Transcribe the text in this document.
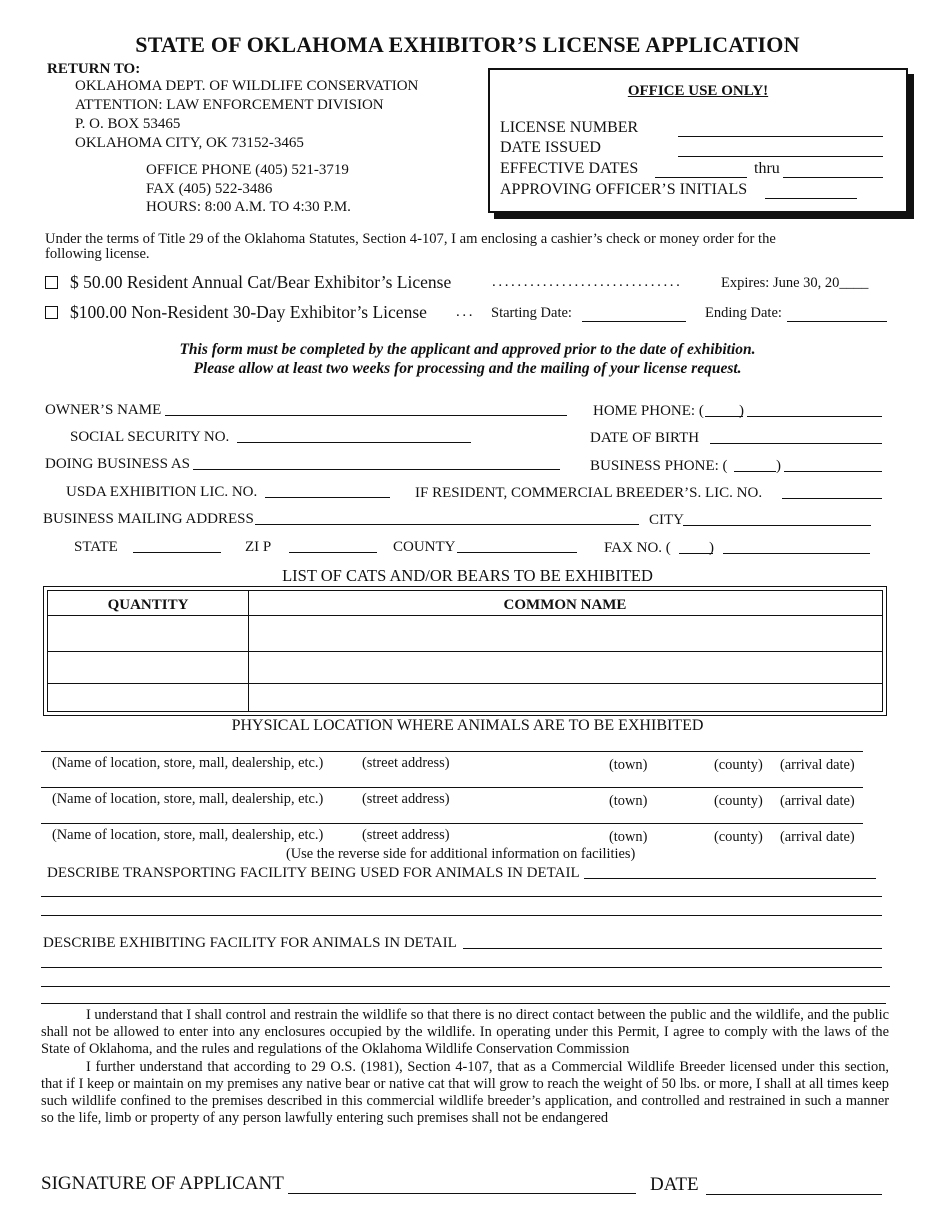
STATE OF OKLAHOMA EXHIBITOR’S LICENSE APPLICATION
RETURN TO:
OKLAHOMA DEPT. OF WILDLIFE CONSERVATION
ATTENTION: LAW ENFORCEMENT DIVISION
P. O. BOX 53465
OKLAHOMA CITY, OK 73152-3465
OFFICE PHONE (405) 521-3719
FAX (405) 522-3486
HOURS: 8:00 A.M. TO 4:30 P.M.
OFFICE USE ONLY!
LICENSE NUMBER
DATE ISSUED
EFFECTIVE DATES	thru
APPROVING OFFICER’S INITIALS
Under the terms of Title 29 of the Oklahoma Statutes, Section 4-107, I am enclosing a cashier’s check or money order for the
following license.
$ 50.00 Resident Annual Cat/Bear Exhibitor’s License	..............................	Expires: June 30, 20____
$100.00 Non-Resident 30-Day Exhibitor’s License ... Starting Date:	Ending Date:
This form must be completed by the applicant and approved prior to the date of exhibition.
Please allow at least two weeks for processing and the mailing of your license request.
OWNER’S NAME	HOME PHONE: ( )
SOCIAL SECURITY NO.	DATE OF BIRTH
DOING BUSINESS AS	BUSINESS PHONE: (	)
USDA EXHIBITION LIC. NO.	IF RESIDENT, COMMERCIAL BREEDER’S. LIC. NO.
BUSINESS MAILING ADDRESS	CITY
STATE	ZI P	COUNTY	FAX NO. (	)
LIST OF CATS AND/OR BEARS TO BE EXHIBITED
QUANTITY	COMMON NAME
PHYSICAL LOCATION WHERE ANIMALS ARE TO BE EXHIBITED
(Name of location, store, mall, dealership, etc.)	(street address)	(town)	(county) (arrival date)
(Name of location, store, mall, dealership, etc.)	(street address)	(town)	(county) (arrival date)
(Name of location, store, mall, dealership, etc.)	(street address)	(town)	(county) (arrival date)
(Use the reverse side for additional information on facilities)
DESCRIBE TRANSPORTING FACILITY BEING USED FOR ANIMALS IN DETAIL
DESCRIBE EXHIBITING FACILITY FOR ANIMALS IN DETAIL
I understand that I shall control and restrain the wildlife so that there is no direct contact between the public and the wildlife, and the public shall not be allowed to enter into any enclosures occupied by the wildlife. In operating under this Permit, I agree to comply with the laws of the State of Oklahoma, and the rules and regulations of the Oklahoma Wildlife Conservation Commission
I further understand that according to 29 O.S. (1981), Section 4-107, that as a Commercial Wildlife Breeder licensed under this section, that if I keep or maintain on my premises any native bear or native cat that will grow to reach the weight of 50 lbs. or more, I shall at all times keep such wildlife confined to the premises described in this commercial wildlife breeder’s application, and controlled and restrained in such a manner so the life, limb or property of any person lawfully entering such premises shall not be endangered
SIGNATURE OF APPLICANT	DATE
